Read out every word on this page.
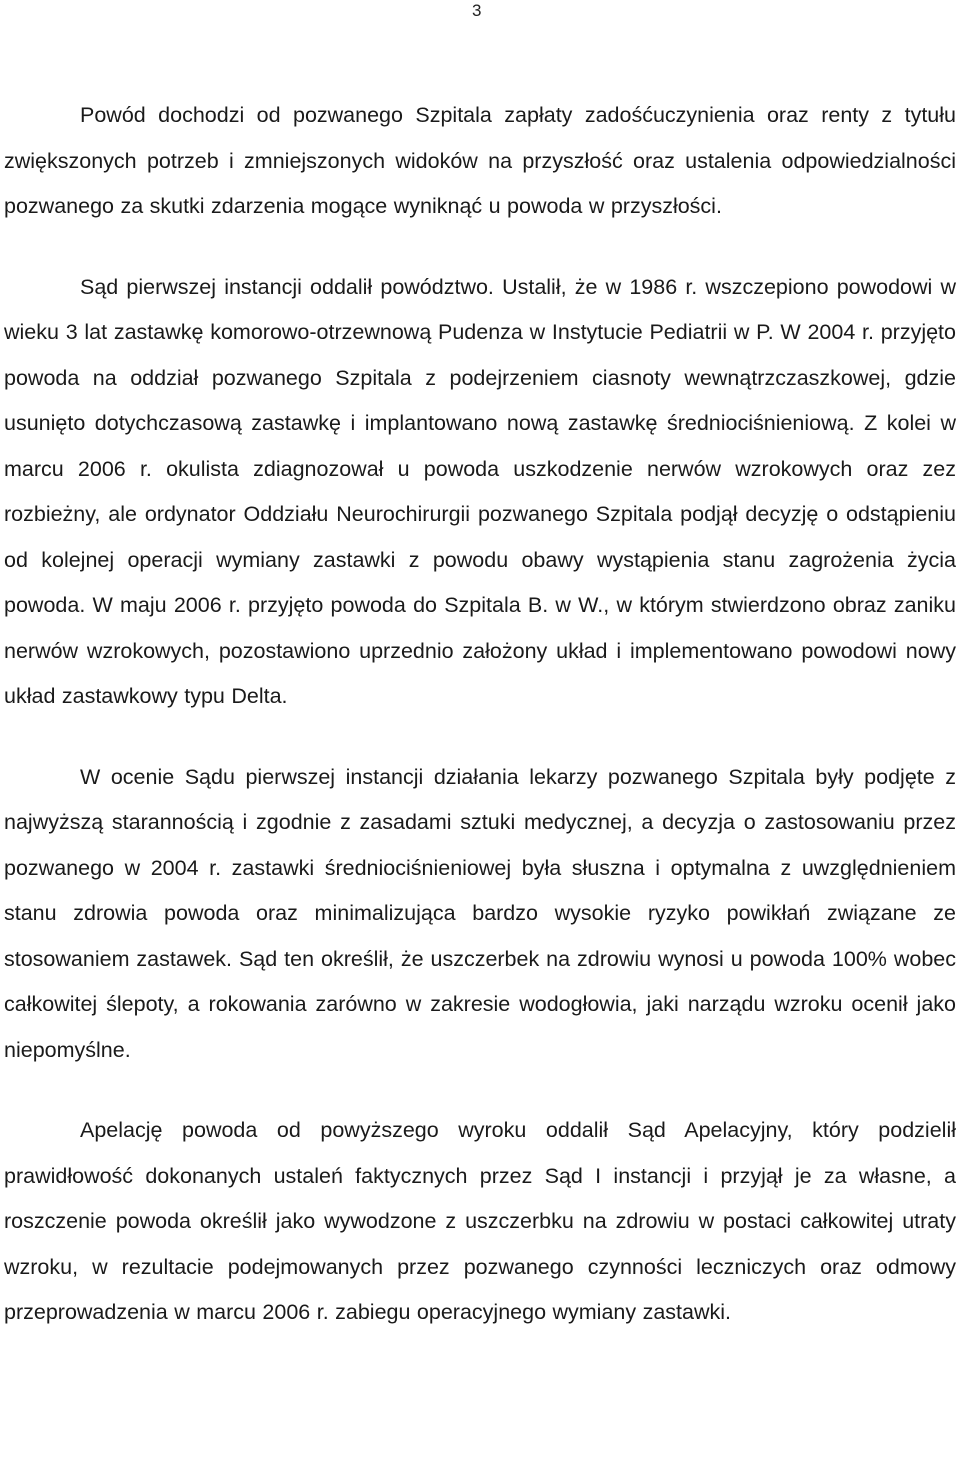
3

Powód dochodzi od pozwanego Szpitala zapłaty zadośćuczynienia oraz renty z tytułu zwiększonych potrzeb i zmniejszonych widoków na przyszłość oraz ustalenia odpowiedzialności pozwanego za skutki zdarzenia mogące wyniknąć u powoda w przyszłości.

Sąd pierwszej instancji oddalił powództwo. Ustalił, że w 1986 r. wszczepiono powodowi w wieku 3 lat zastawkę komorowo-otrzewnową Pudenza w Instytucie Pediatrii w P. W 2004 r. przyjęto powoda na oddział pozwanego Szpitala z podejrzeniem ciasnoty wewnątrzczaszkowej, gdzie usunięto dotychczasową zastawkę i implantowano nową zastawkę średniociśnieniową. Z kolei w marcu 2006 r. okulista zdiagnozował u powoda uszkodzenie nerwów wzrokowych oraz zez rozbieżny, ale ordynator Oddziału Neurochirurgii pozwanego Szpitala podjął decyzję o odstąpieniu od kolejnej operacji wymiany zastawki z powodu obawy wystąpienia stanu zagrożenia życia powoda. W maju 2006 r. przyjęto powoda do Szpitala B. w W., w którym stwierdzono obraz zaniku nerwów wzrokowych, pozostawiono uprzednio założony układ i implementowano powodowi nowy układ zastawkowy typu Delta.

W ocenie Sądu pierwszej instancji działania lekarzy pozwanego Szpitala były podjęte z najwyższą starannością i zgodnie z zasadami sztuki medycznej, a decyzja o zastosowaniu przez pozwanego w 2004 r. zastawki średniociśnieniowej była słuszna i optymalna z uwzględnieniem stanu zdrowia powoda oraz minimalizująca bardzo wysokie ryzyko powikłań związane ze stosowaniem zastawek. Sąd ten określił, że uszczerbek na zdrowiu wynosi u powoda 100% wobec całkowitej ślepoty, a rokowania zarówno w zakresie wodogłowia, jaki narządu wzroku ocenił jako niepomyślne.

Apelację powoda od powyższego wyroku oddalił Sąd Apelacyjny, który podzielił prawidłowość dokonanych ustaleń faktycznych przez Sąd I instancji i przyjął je za własne, a roszczenie powoda określił jako wywodzone z uszczerbku na zdrowiu w postaci całkowitej utraty wzroku, w rezultacie podejmowanych przez pozwanego czynności leczniczych oraz odmowy przeprowadzenia w marcu 2006 r. zabiegu operacyjnego wymiany zastawki.
